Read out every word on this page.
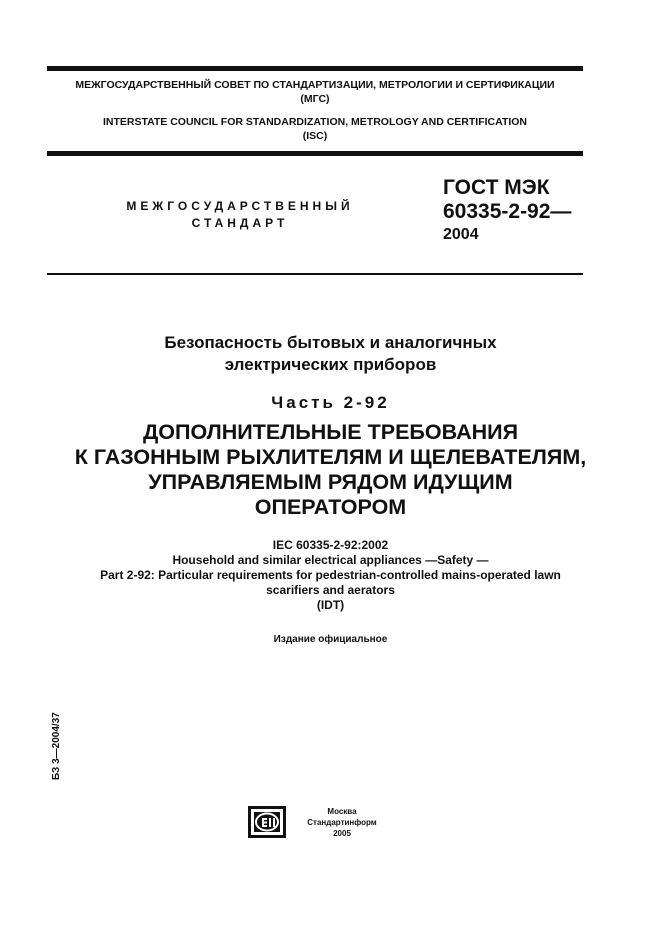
МЕЖГОСУДАРСТВЕННЫЙ СОВЕТ ПО СТАНДАРТИЗАЦИИ, МЕТРОЛОГИИ И СЕРТИФИКАЦИИ
(МГС)
INTERSTATE COUNCIL FOR STANDARDIZATION, METROLOGY AND CERTIFICATION
(ISC)
МЕЖГОСУДАРСТВЕННЫЙ
СТАНДАРТ
ГОСТ МЭК
60335-2-92—
2004
Безопасность бытовых и аналогичных
электрических приборов
Часть 2-92
ДОПОЛНИТЕЛЬНЫЕ ТРЕБОВАНИЯ
К ГАЗОННЫМ РЫХЛИТЕЛЯМ И ЩЕЛЕВАТЕЛЯМ,
УПРАВЛЯЕМЫМ РЯДОМ ИДУЩИМ
ОПЕРАТОРОМ
IEC 60335-2-92:2002
Household and similar electrical appliances —Safety —
Part 2-92: Particular requirements for pedestrian-controlled mains-operated lawn
scarifiers and aerators
(IDT)
Издание официальное
БЗ 3—2004/37
Москва
Стандартинформ
2005
